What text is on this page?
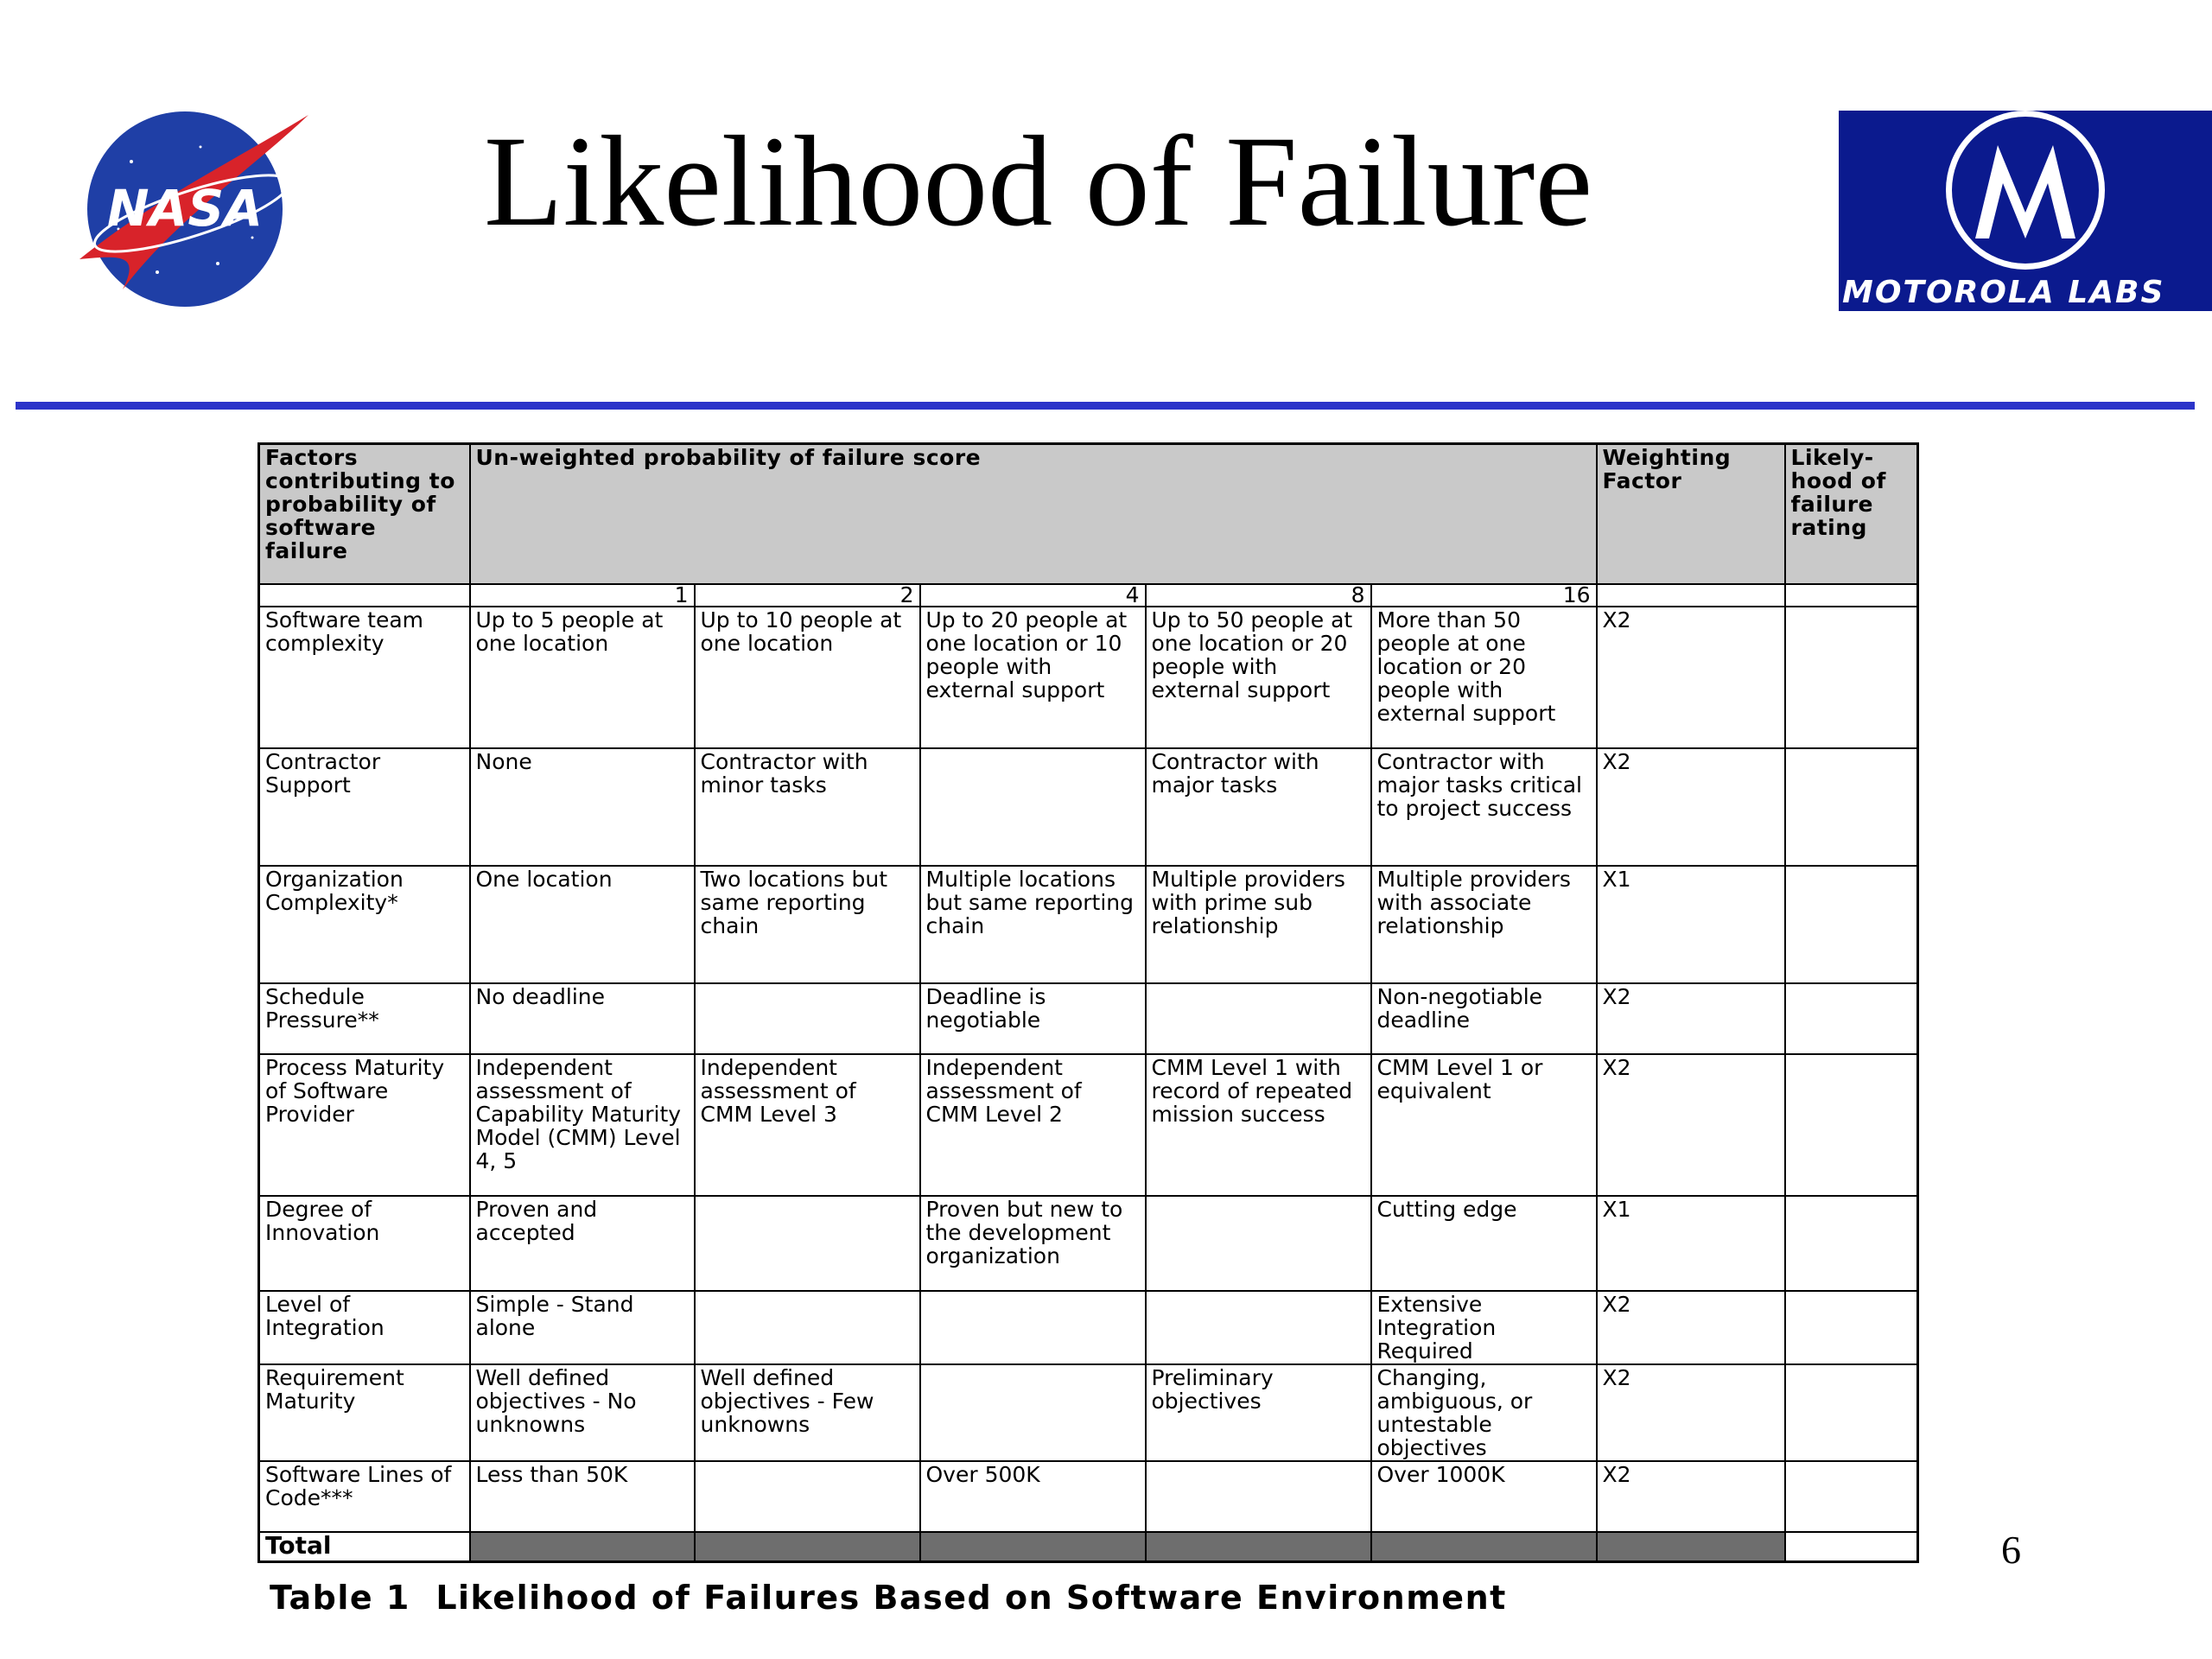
NASA Likelihood of Failure
MOTOROLA LABS
Factors contributing to probability of software failure	Un-weighted probability of failure score					Weighting Factor	Likely-hood of failure rating
	1	2	4	8	16		
Software team complexity	Up to 5 people at one location	Up to 10 people at one location	Up to 20 people at one location or 10 people with external support	Up to 50 people at one location or 20 people with external support	More than 50 people at one location or 20 people with external support	X2	
Contractor Support	None	Contractor with minor tasks		Contractor with major tasks	Contractor with major tasks critical to project success	X2	
Organization Complexity*	One location	Two locations but same reporting chain	Multiple locations but same reporting chain	Multiple providers with prime sub relationship	Multiple providers with associate relationship	X1	
Schedule Pressure**	No deadline		Deadline is negotiable		Non-negotiable deadline	X2	
Process Maturity of Software Provider	Independent assessment of Capability Maturity Model (CMM) Level 4, 5	Independent assessment of CMM Level 3	Independent assessment of CMM Level 2	CMM Level 1 with record of repeated mission success	CMM Level 1 or equivalent	X2	
Degree of Innovation	Proven and accepted		Proven but new to the development organization		Cutting edge	X1	
Level of Integration	Simple - Stand alone				Extensive Integration Required	X2	
Requirement Maturity	Well defined objectives - No unknowns	Well defined objectives - Few unknowns		Preliminary objectives	Changing, ambiguous, or untestable objectives	X2	
Software Lines of Code***	Less than 50K		Over 500K		Over 1000K	X2	
Total								6

Table 1 Likelihood of Failures Based on Software Environment
